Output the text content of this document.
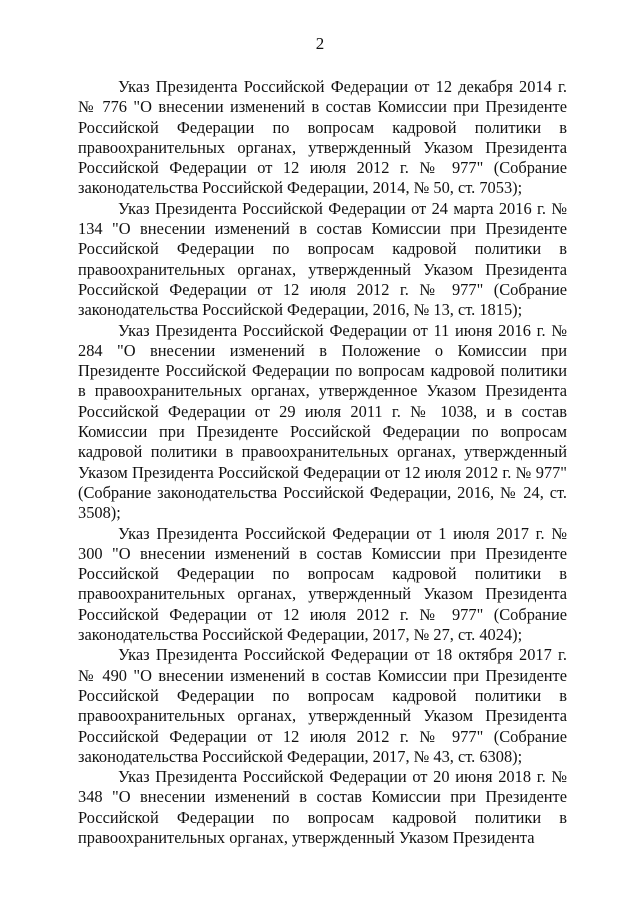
2

Указ Президента Российской Федерации от 12 декабря 2014 г. № 776 "О внесении изменений в состав Комиссии при Президенте Российской Федерации по вопросам кадровой политики в правоохранительных органах, утвержденный Указом Президента Российской Федерации от 12 июля 2012 г. № 977" (Собрание законодательства Российской Федерации, 2014, № 50, ст. 7053);

Указ Президента Российской Федерации от 24 марта 2016 г. № 134 "О внесении изменений в состав Комиссии при Президенте Российской Федерации по вопросам кадровой политики в правоохранительных органах, утвержденный Указом Президента Российской Федерации от 12 июля 2012 г. № 977" (Собрание законодательства Российской Федерации, 2016, № 13, ст. 1815);

Указ Президента Российской Федерации от 11 июня 2016 г. № 284 "О внесении изменений в Положение о Комиссии при Президенте Российской Федерации по вопросам кадровой политики в правоохранительных органах, утвержденное Указом Президента Российской Федерации от 29 июля 2011 г. № 1038, и в состав Комиссии при Президенте Российской Федерации по вопросам кадровой политики в правоохранительных органах, утвержденный Указом Президента Российской Федерации от 12 июля 2012 г. № 977" (Собрание законодательства Российской Федерации, 2016, № 24, ст. 3508);

Указ Президента Российской Федерации от 1 июля 2017 г. № 300 "О внесении изменений в состав Комиссии при Президенте Российской Федерации по вопросам кадровой политики в правоохранительных органах, утвержденный Указом Президента Российской Федерации от 12 июля 2012 г. № 977" (Собрание законодательства Российской Федерации, 2017, № 27, ст. 4024);

Указ Президента Российской Федерации от 18 октября 2017 г. № 490 "О внесении изменений в состав Комиссии при Президенте Российской Федерации по вопросам кадровой политики в правоохранительных органах, утвержденный Указом Президента Российской Федерации от 12 июля 2012 г. № 977" (Собрание законодательства Российской Федерации, 2017, № 43, ст. 6308);

Указ Президента Российской Федерации от 20 июня 2018 г. № 348 "О внесении изменений в состав Комиссии при Президенте Российской Федерации по вопросам кадровой политики в правоохранительных органах, утвержденный Указом Президента
